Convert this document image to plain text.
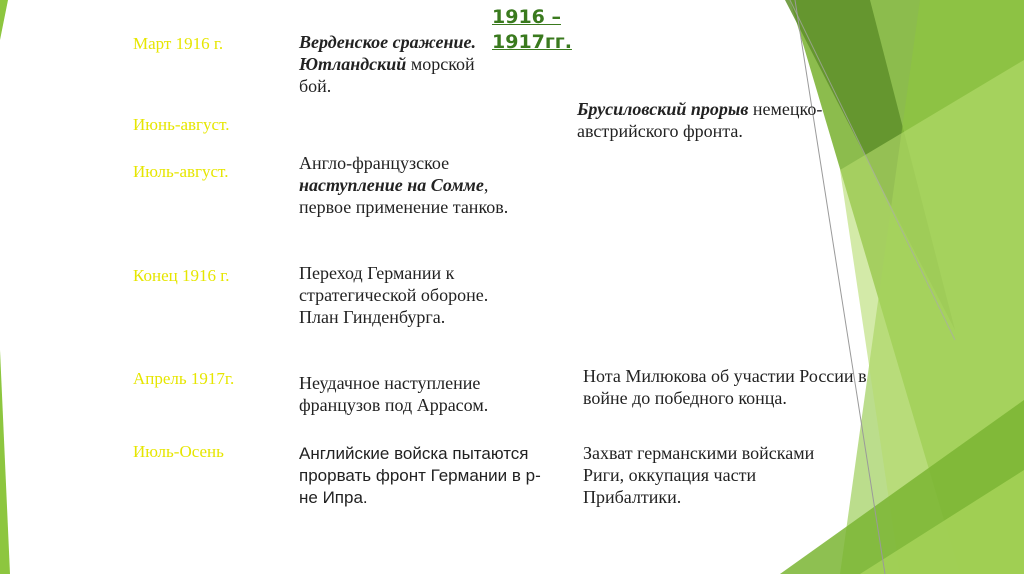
1916 –
1917гг.
Март 1916 г.
Июнь-август.
Июль-август.
Конец 1916 г.
Апрель 1917г.
Июль-Осень
Верденское сражение. Ютландский морской бой.
Англо-французское наступление на Сомме, первое применение танков.
Переход Германии к стратегической обороне. План Гинденбурга.
Неудачное наступление французов под Аррасом.
Английские войска пытаются прорвать фронт Германии в р-не Ипра.
Брусиловский прорыв немецко-австрийского фронта.
Нота Милюкова об участии России в войне до победного конца.
Захват германскими войсками Риги, оккупация части Прибалтики.
